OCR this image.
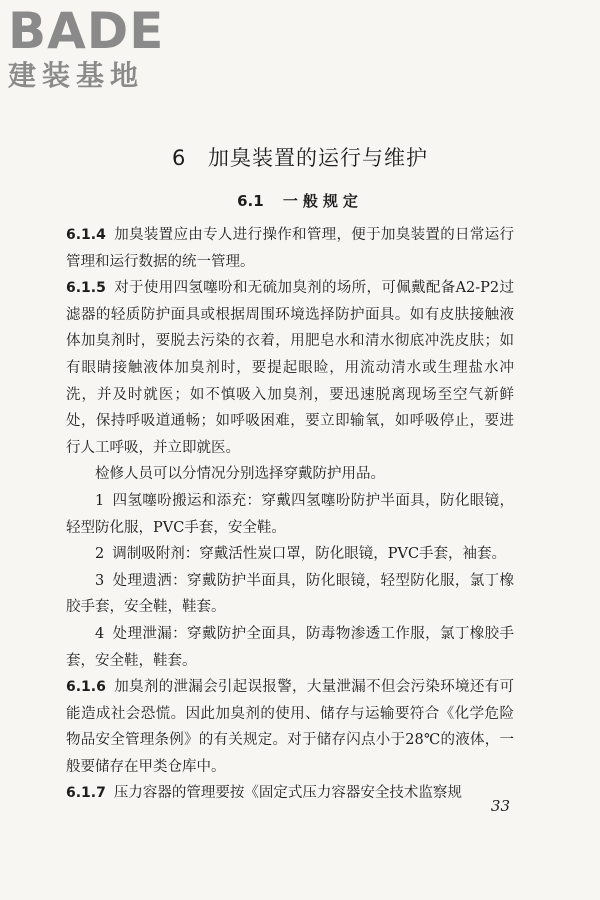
BADE
建装基地
6 加臭装置的运行与维护
6.1 一般规定

6.1.4 加臭装置应由专人进行操作和管理，便于加臭装置的日常运行管理和运行数据的统一管理。

6.1.5 对于使用四氢噻吩和无硫加臭剂的场所，可佩戴配备A2-P2过滤器的轻质防护面具或根据周围环境选择防护面具。如有皮肤接触液体加臭剂时，要脱去污染的衣着，用肥皂水和清水彻底冲洗皮肤；如有眼睛接触液体加臭剂时，要提起眼睑，用流动清水或生理盐水冲洗，并及时就医；如不慎吸入加臭剂，要迅速脱离现场至空气新鲜处，保持呼吸道通畅；如呼吸困难，要立即输氧，如呼吸停止，要进行人工呼吸，并立即就医。

检修人员可以分情况分别选择穿戴防护用品。

1 四氢噻吩搬运和添充：穿戴四氢噻吩防护半面具，防化眼镜，轻型防化服，PVC手套，安全鞋。

2 调制吸附剂：穿戴活性炭口罩，防化眼镜，PVC手套，袖套。

3 处理遗洒：穿戴防护半面具，防化眼镜，轻型防化服，氯丁橡胶手套，安全鞋，鞋套。

4 处理泄漏：穿戴防护全面具，防毒物渗透工作服，氯丁橡胶手套，安全鞋，鞋套。

6.1.6 加臭剂的泄漏会引起误报警，大量泄漏不但会污染环境还有可能造成社会恐慌。因此加臭剂的使用、储存与运输要符合《化学危险物品安全管理条例》的有关规定。对于储存闪点小于28℃的液体，一般要储存在甲类仓库中。

6.1.7 压力容器的管理要按《固定式压力容器安全技术监察规

33
